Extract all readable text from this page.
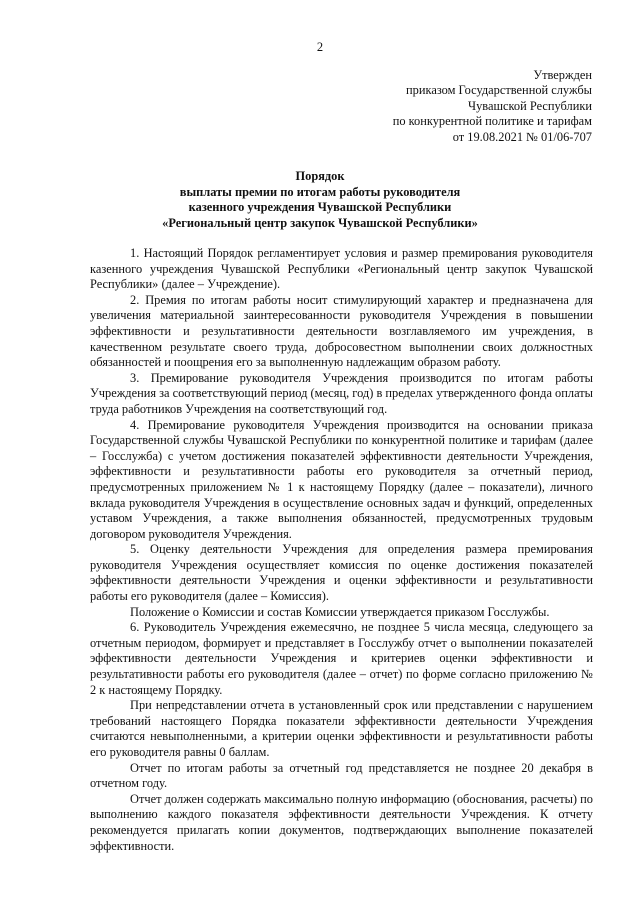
2
Утвержден
приказом Государственной службы
Чувашской Республики
по конкурентной политике и тарифам
от 19.08.2021 № 01/06-707
Порядок
выплаты премии по итогам работы руководителя
казенного учреждения Чувашской Республики
«Региональный центр закупок Чувашской Республики»

1. Настоящий Порядок регламентирует условия и размер премирования руководителя казенного учреждения Чувашской Республики «Региональный центр закупок Чувашской Республики» (далее – Учреждение).

2. Премия по итогам работы носит стимулирующий характер и предназначена для увеличения материальной заинтересованности руководителя Учреждения в повышении эффективности и результативности деятельности возглавляемого им учреждения, в качественном результате своего труда, добросовестном выполнении своих должностных обязанностей и поощрения его за выполненную надлежащим образом работу.

3. Премирование руководителя Учреждения производится по итогам работы Учреждения за соответствующий период (месяц, год) в пределах утвержденного фонда оплаты труда работников Учреждения на соответствующий год.

4. Премирование руководителя Учреждения производится на основании приказа Государственной службы Чувашской Республики по конкурентной политике и тарифам (далее – Госслужба) с учетом достижения показателей эффективности деятельности Учреждения, эффективности и результативности работы его руководителя за отчетный период, предусмотренных приложением № 1 к настоящему Порядку (далее – показатели), личного вклада руководителя Учреждения в осуществление основных задач и функций, определенных уставом Учреждения, а также выполнения обязанностей, предусмотренных трудовым договором руководителя Учреждения.

5. Оценку деятельности Учреждения для определения размера премирования руководителя Учреждения осуществляет комиссия по оценке достижения показателей эффективности деятельности Учреждения и оценки эффективности и результативности работы его руководителя (далее – Комиссия).

Положение о Комиссии и состав Комиссии утверждается приказом Госслужбы.

6. Руководитель Учреждения ежемесячно, не позднее 5 числа месяца, следующего за отчетным периодом, формирует и представляет в Госслужбу отчет о выполнении показателей эффективности деятельности Учреждения и критериев оценки эффективности и результативности работы его руководителя (далее – отчет) по форме согласно приложению № 2 к настоящему Порядку.

При непредставлении отчета в установленный срок или представлении с нарушением требований настоящего Порядка показатели эффективности деятельности Учреждения считаются невыполненными, а критерии оценки эффективности и результативности работы его руководителя равны 0 баллам.

Отчет по итогам работы за отчетный год представляется не позднее 20 декабря в отчетном году.

Отчет должен содержать максимально полную информацию (обоснования, расчеты) по выполнению каждого показателя эффективности деятельности Учреждения. К отчету рекомендуется прилагать копии документов, подтверждающих выполнение показателей эффективности.
